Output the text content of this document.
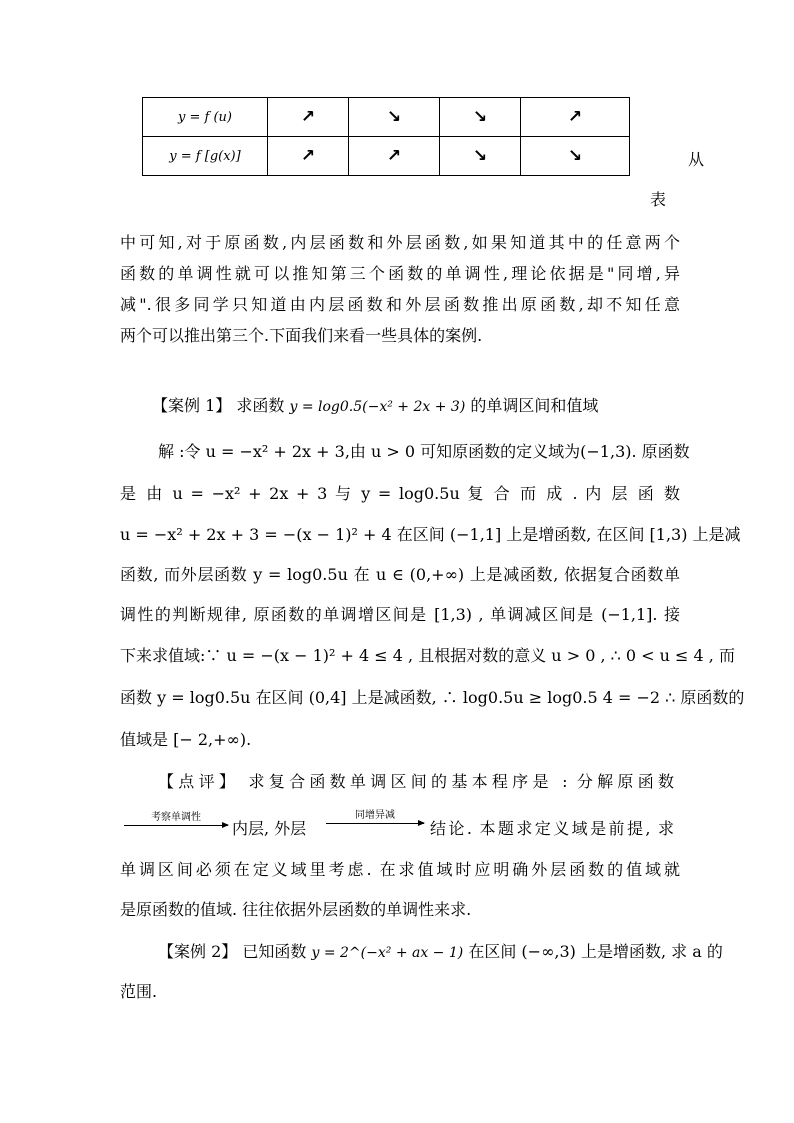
y = f (u)	↗	↘	↘	↗
y = f [g(x)]	↗	↗	↘	↘	从
表
中可知,对于原函数,内层函数和外层函数,如果知道其中的任意两个
函数的单调性就可以推知第三个函数的单调性,理论依据是"同增,异
减".很多同学只知道由内层函数和外层函数推出原函数,却不知任意
两个可以推出第三个.下面我们来看一些具体的案例.
【案例 1】 求函数 y = log0.5(−x² + 2x + 3) 的单调区间和值域
解 :令 u = −x² + 2x + 3,由 u > 0 可知原函数的定义域为(−1,3). 原函数
是 由 u = −x² + 2x + 3 与 y = log0.5u 复 合 而 成 . 内 层 函 数
u = −x² + 2x + 3 = −(x − 1)² + 4 在区间 (−1,1] 上是增函数, 在区间 [1,3) 上是减
函数, 而外层函数 y = log0.5u 在 u ∈ (0,+∞) 上是减函数, 依据复合函数单
调性的判断规律, 原函数的单调增区间是 [1,3) , 单调减区间是 (−1,1]. 接
下来求值域:∵ u = −(x − 1)² + 4 ≤ 4 , 且根据对数的意义 u > 0 , ∴ 0 < u ≤ 4 , 而
函数 y = log0.5u 在区间 (0,4] 上是减函数, ∴ log0.5u ≥ log0.5 4 = −2 ∴ 原函数的
值域是 [− 2,+∞).
【点评】 求复合函数单调区间的基本程序是 : 分解原函数
考察单调性
内层, 外层
同增异减
结论. 本题求定义域是前提, 求
单调区间必须在定义域里考虑. 在求值域时应明确外层函数的值域就
是原函数的值域. 往往依据外层函数的单调性来求.
【案例 2】 已知函数 y = 2^(−x² + ax − 1) 在区间 (−∞,3) 上是增函数, 求 a 的
范围.
